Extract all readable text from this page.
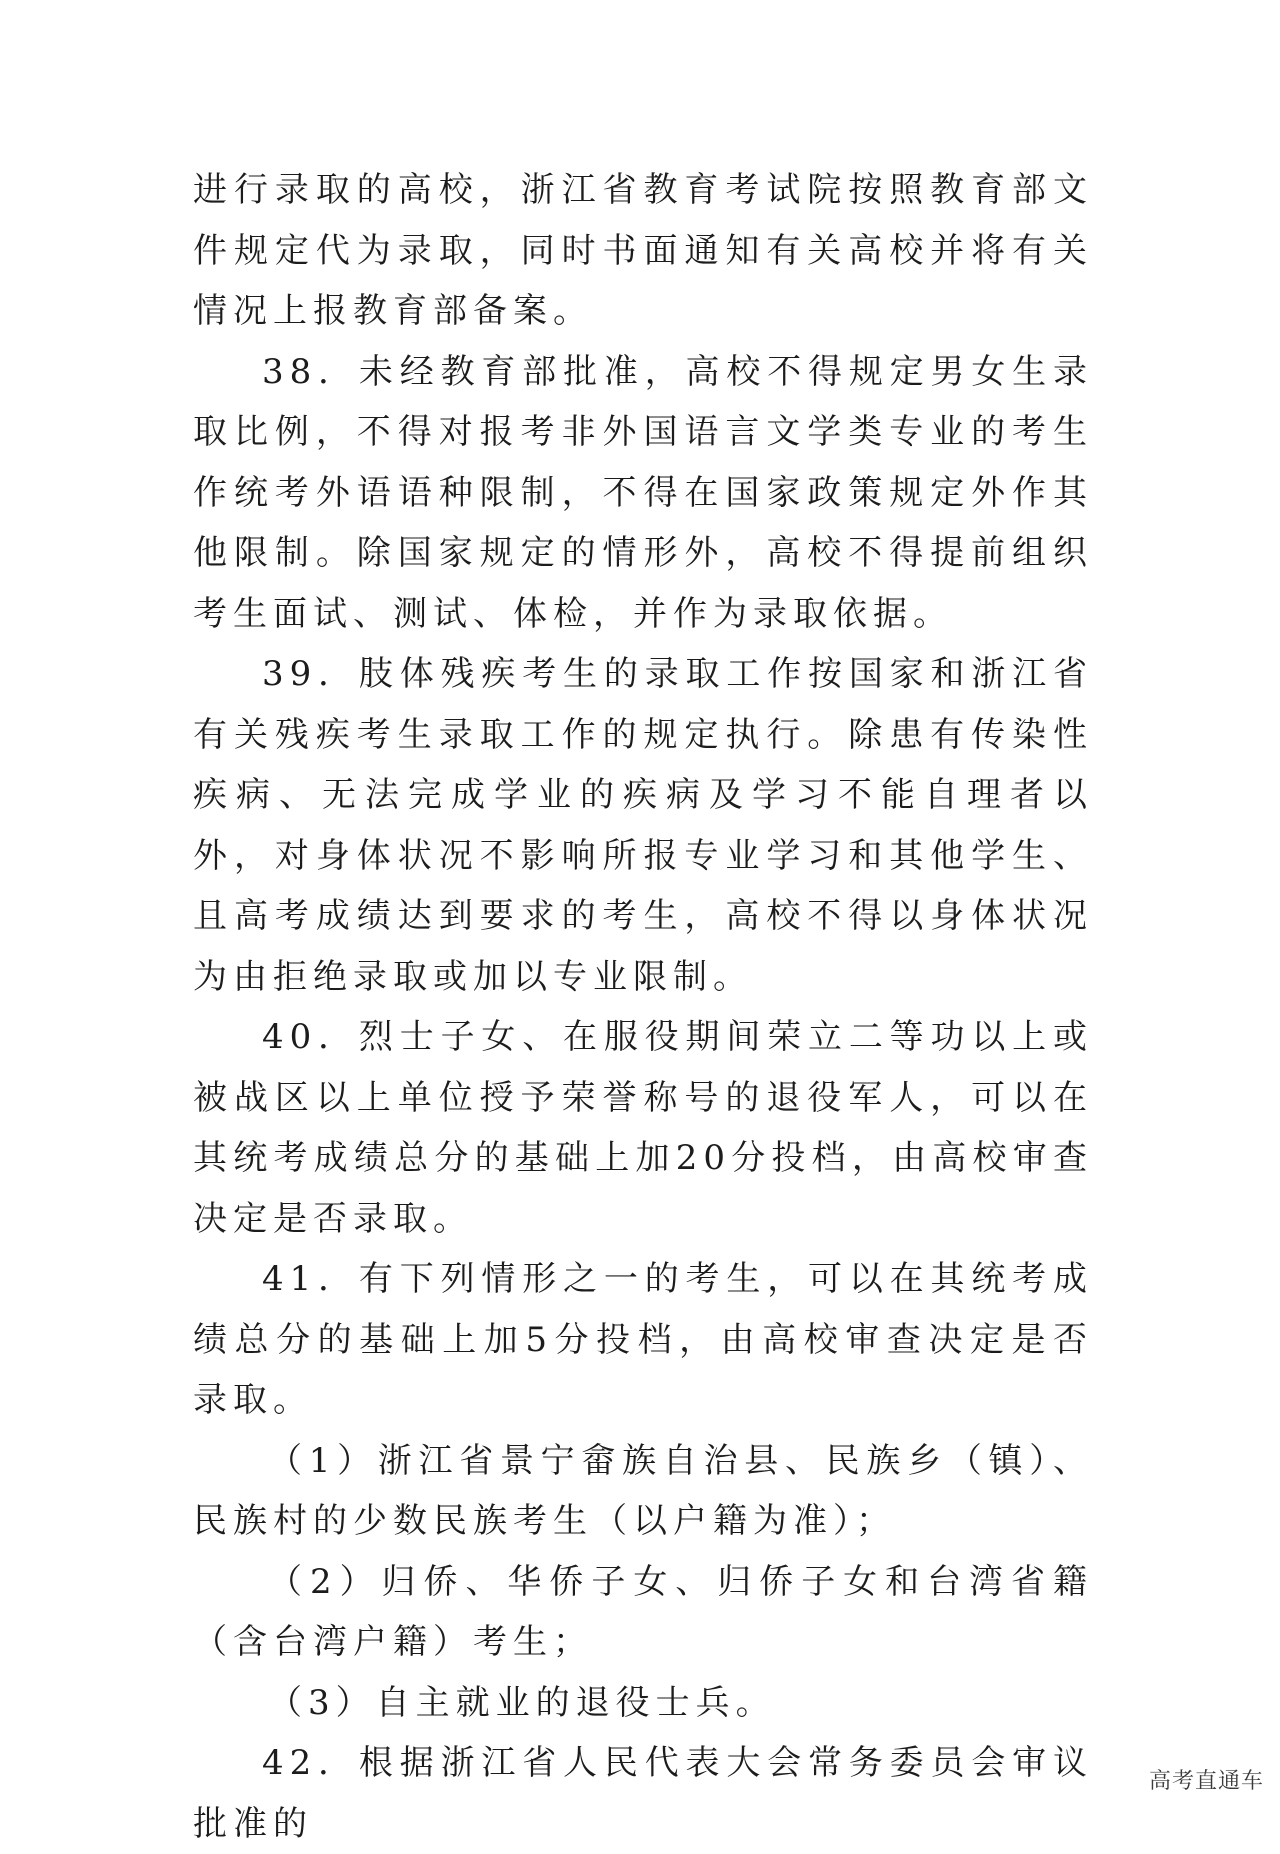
进行录取的高校，浙江省教育考试院按照教育部文件规定代为录取，同时书面通知有关高校并将有关情况上报教育部备案。

38．未经教育部批准，高校不得规定男女生录取比例，不得对报考非外国语言文学类专业的考生作统考外语语种限制，不得在国家政策规定外作其他限制。除国家规定的情形外，高校不得提前组织考生面试、测试、体检，并作为录取依据。

39．肢体残疾考生的录取工作按国家和浙江省有关残疾考生录取工作的规定执行。除患有传染性疾病、无法完成学业的疾病及学习不能自理者以外，对身体状况不影响所报专业学习和其他学生、且高考成绩达到要求的考生，高校不得以身体状况为由拒绝录取或加以专业限制。

40．烈士子女、在服役期间荣立二等功以上或被战区以上单位授予荣誉称号的退役军人，可以在其统考成绩总分的基础上加20分投档，由高校审查决定是否录取。

41．有下列情形之一的考生，可以在其统考成绩总分的基础上加5分投档，由高校审查决定是否录取。

（1）浙江省景宁畲族自治县、民族乡（镇）、民族村的少数民族考生（以户籍为准）；

（2）归侨、华侨子女、归侨子女和台湾省籍（含台湾户籍）考生；

（3）自主就业的退役士兵。

42．根据浙江省人民代表大会常务委员会审议批准的

高考直通车
